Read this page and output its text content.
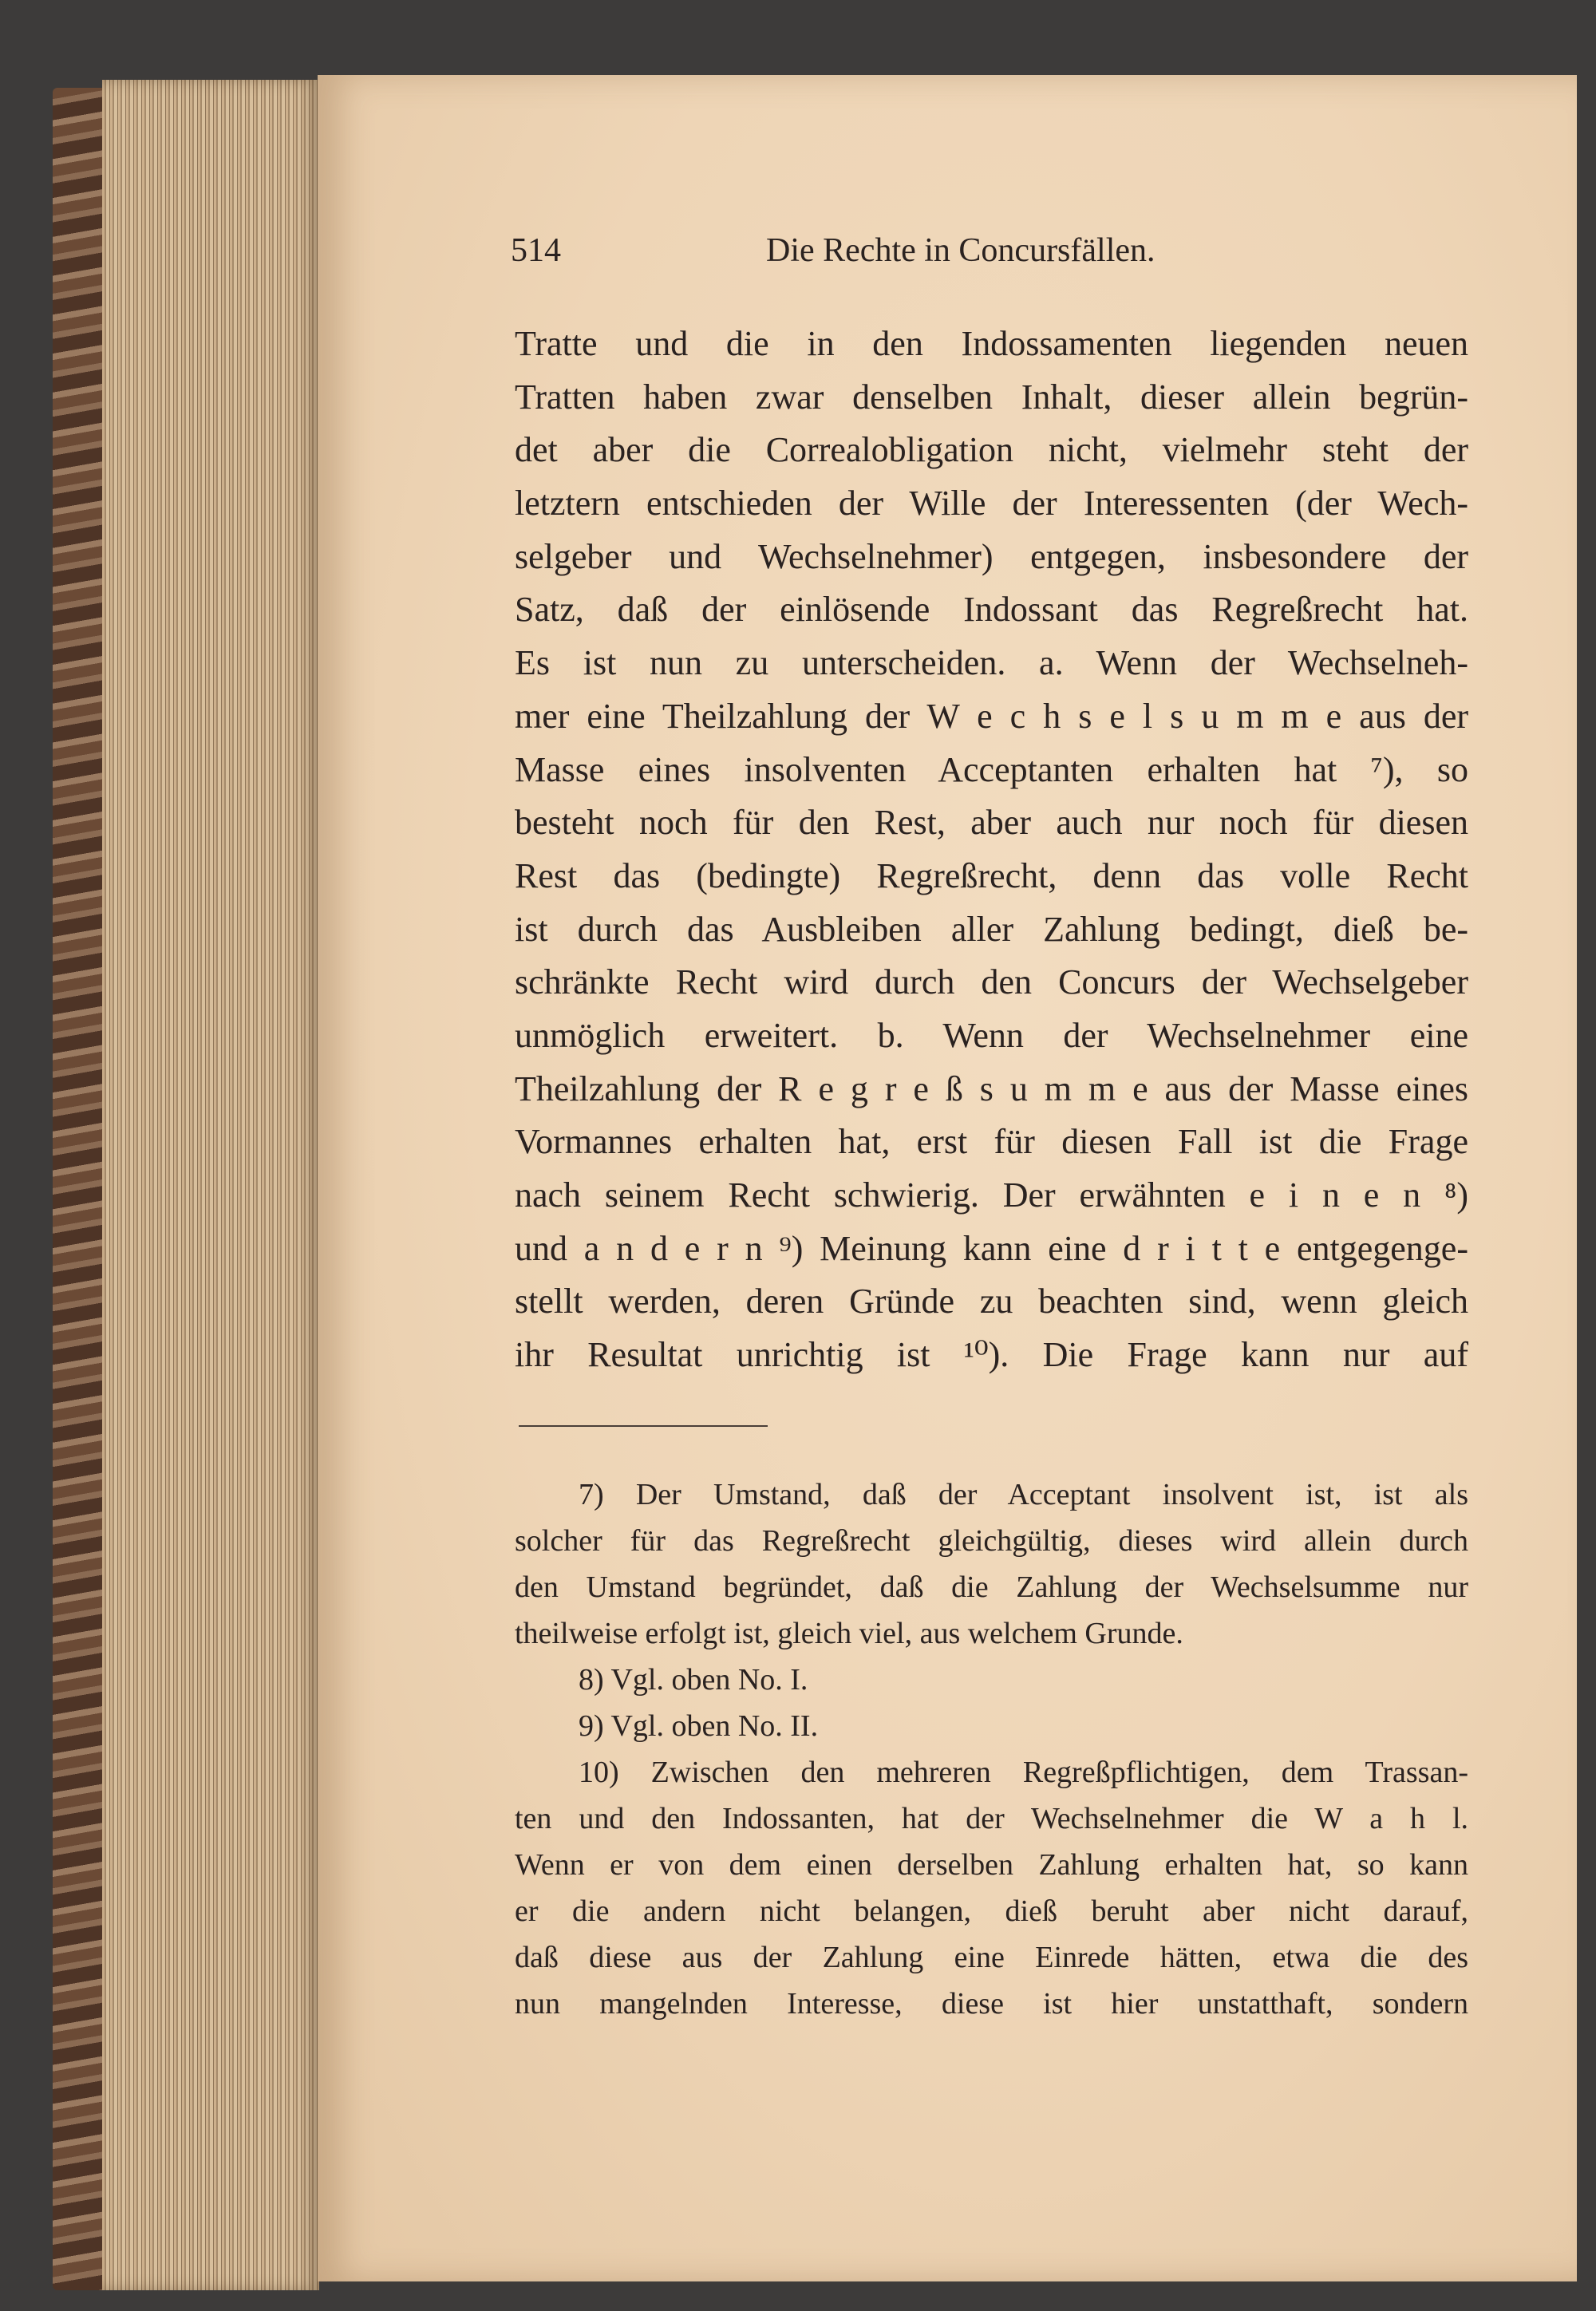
514	Die Rechte in Concursfällen.
Tratte und die in den Indossamenten liegenden neuen
Tratten haben zwar denselben Inhalt, dieser allein begrün-
det aber die Correalobligation nicht, vielmehr steht der
letztern entschieden der Wille der Interessenten (der Wech-
selgeber und Wechselnehmer) entgegen, insbesondere der
Satz, daß der einlösende Indossant das Regreßrecht hat.
Es ist nun zu unterscheiden. a. Wenn der Wechselneh-
mer eine Theilzahlung der W e c h s e l s u m m e aus der
Masse eines insolventen Acceptanten erhalten hat ⁷), so
besteht noch für den Rest, aber auch nur noch für diesen
Rest das (bedingte) Regreßrecht, denn das volle Recht
ist durch das Ausbleiben aller Zahlung bedingt, dieß be-
schränkte Recht wird durch den Concurs der Wechselgeber
unmöglich erweitert. b. Wenn der Wechselnehmer eine
Theilzahlung der R e g r e ß s u m m e aus der Masse eines
Vormannes erhalten hat, erst für diesen Fall ist die Frage
nach seinem Recht schwierig. Der erwähnten e i n e n ⁸)
und a n d e r n ⁹) Meinung kann eine d r i t t e entgegenge-
stellt werden, deren Gründe zu beachten sind, wenn gleich
ihr Resultat unrichtig ist ¹⁰). Die Frage kann nur auf
7) Der Umstand, daß der Acceptant insolvent ist, ist als
solcher für das Regreßrecht gleichgültig, dieses wird allein durch
den Umstand begründet, daß die Zahlung der Wechselsumme nur
theilweise erfolgt ist, gleich viel, aus welchem Grunde.
8) Vgl. oben No. I.
9) Vgl. oben No. II.
10) Zwischen den mehreren Regreßpflichtigen, dem Trassan-
ten und den Indossanten, hat der Wechselnehmer die W a h l.
Wenn er von dem einen derselben Zahlung erhalten hat, so kann
er die andern nicht belangen, dieß beruht aber nicht darauf,
daß diese aus der Zahlung eine Einrede hätten, etwa die des
nun mangelnden Interesse, diese ist hier unstatthaft, sondern
